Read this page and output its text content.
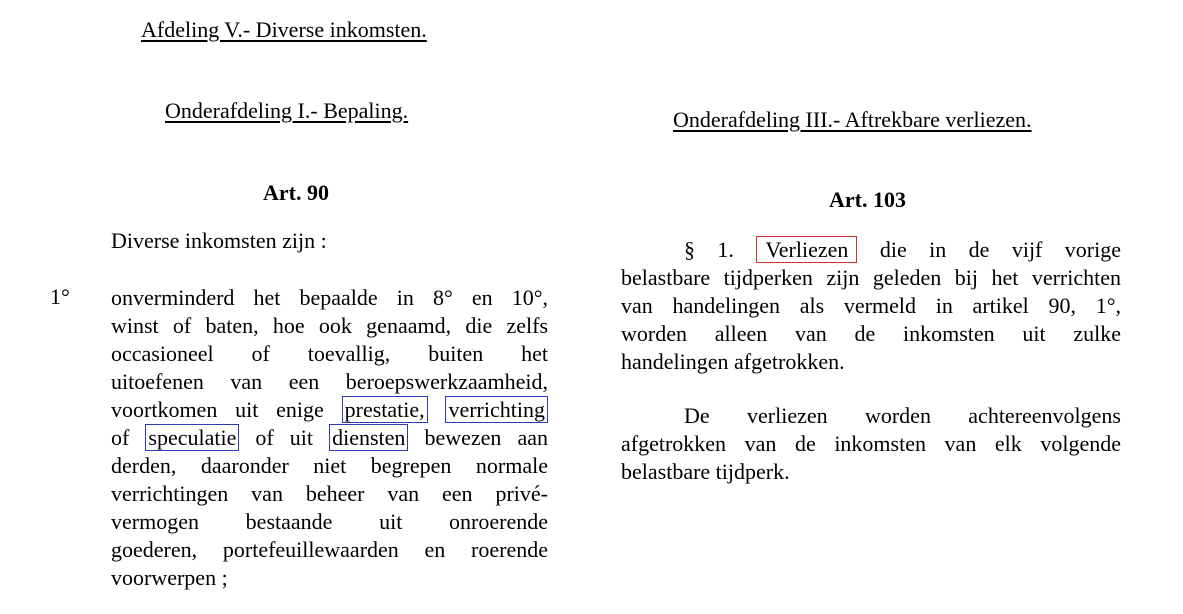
Afdeling V.- Diverse inkomsten.
Onderafdeling I.- Bepaling.
Art. 90
Diverse inkomsten zijn :
1° onverminderd het bepaalde in 8° en 10°,
winst of baten, hoe ook genaamd, die zelfs
occasioneel of toevallig, buiten het
uitoefenen van een beroepswerkzaamheid,
voortkomen uit enige prestatie, verrichting
of speculatie of uit diensten bewezen aan
derden, daaronder niet begrepen normale
verrichtingen van beheer van een privé-
vermogen bestaande uit onroerende
goederen, portefeuillewaarden en roerende
voorwerpen ;
Onderafdeling III.- Aftrekbare verliezen.
Art. 103
§ 1. Verliezen die in de vijf vorige
belastbare tijdperken zijn geleden bij het verrichten
van handelingen als vermeld in artikel 90, 1°,
worden alleen van de inkomsten uit zulke
handelingen afgetrokken.
De verliezen worden achtereenvolgens
afgetrokken van de inkomsten van elk volgende
belastbare tijdperk.
